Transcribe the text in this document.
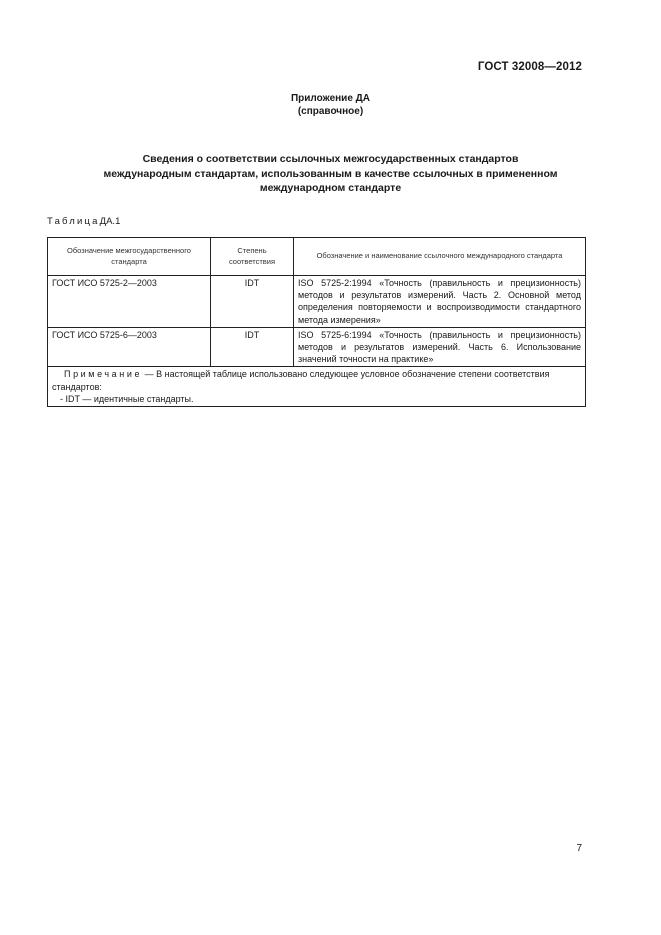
ГОСТ 32008—2012
Приложение ДА
(справочное)
Сведения о соответствии ссылочных межгосударственных стандартов
международным стандартам, использованным в качестве ссылочных в примененном
международном стандарте
ТаблицаДА.1
Обозначение межгосударственного стандарта	Степень соответствия	Обозначение и наименование ссылочного международного стандарта
ГОСТ ИСО 5725-2—2003	IDT	ISO 5725-2:1994 «Точность (правильность и прецизионность) методов и результатов измерений. Часть 2. Основной метод определения повторяемости и воспроизводимости стандартного метода измерения»
ГОСТ ИСО 5725-6—2003	IDT	ISO 5725-6:1994 «Точность (правильность и прецизионность) методов и результатов измерений. Часть 6. Использование значений точности на практике»

Примечание — В настоящей таблице использовано следующее условное обозначение степени соответствия стандартов:
- IDT — идентичные стандарты.		
7
